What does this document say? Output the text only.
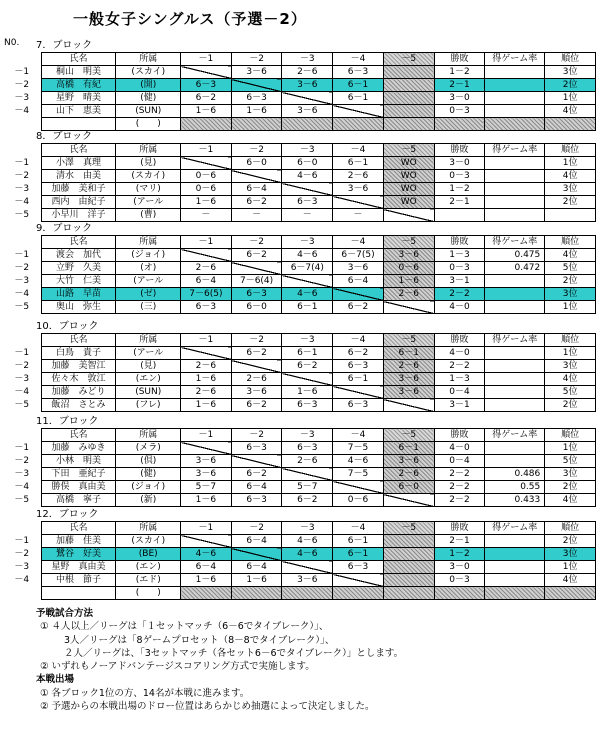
一般女子シングルス（予選－2）
N0.	7．ブロック
	氏名	所属	－1	－2	－3	－4	－5	勝敗	得ゲーム率	順位
－1	桐山　明美	(スカイ)		3－6	2－6	6－3		1－2		3位
－2	高橋　有紀	(開)	6－3		3－6	6－1		2－1		2位
－3	星野　晴美	(健)	6－2	6－3		6－1		3－0		1位
－4	山下　恵美	(SUN)	1－6	1－6	3－6			0－3		4位
		(　　)								
8．ブロック
	氏名	所属	－1	－2	－3	－4	－5	勝敗	得ゲーム率	順位
－1	小澤　真理	(見)		6－0	6－0	6－1	WO	3－0		1位
－2	清水　由美	(スカイ)	0－6		4－6	2－6	WO	0－3		4位
－3	加藤　美和子	(マリ)	0－6	6－4		3－6	WO	1－2		3位
－4	西内　由紀子	(アール	1－6	6－2	6－3		WO	2－1		2位
－5	小早川　洋子	(曹)	－	－	－	－				
9．ブロック
	氏名	所属	－1	－2	－3	－4	－5	勝敗	得ゲーム率	順位
－1	渡会　加代	(ジョイ)		6－2	4－6	6－7(5)	3－6	1－3	0.475	4位
－2	立野　久美	(オ)	2－6		6－7(4)	3－6	0－6	0－3	0.472	5位
－3	大竹　仁美	(アール	6－4	7－6(4)		6－4	1－6	3－1		2位
－4	山路　早苗	(ゼ)	7－6(5)	6－3	4－6		2－6	2－2		3位
－5	奥山　弥生	(三)	6－3	6－0	6－1	6－2		4－0		1位
10．ブロック
	氏名	所属	－1	－2	－3	－4	－5	勝敗	得ゲーム率	順位
－1	白鳥　貴子	(アール		6－2	6－1	6－2	6－1	4－0		1位
－2	加藤　美智江	(見)	2－6		6－2	6－3	2－6	2－2		3位
－3	佐々木　敦江	(エン)	1－6	2－6		6－1	3－6	1－3		4位
－4	加藤　みどり	(SUN)	2－6	3－6	1－6		3－6	0－4		5位
－5	飯沼　さとみ	(フレ)	1－6	6－2	6－3	6－3		3－1		2位
11．ブロック
	氏名	所属	－1	－2	－3	－4	－5	勝敗	得ゲーム率	順位
－1	加藤　みゆき	(メラ)		6－3	6－3	7－5	6－1	4－0		1位
－2	小林　明美	(倶)	3－6		2－6	4－6	3－6	0－4		5位
－3	下田　亜紀子	(健)	3－6	6－2		7－5	2－6	2－2	0.486	3位
－4	勝俣　真由美	(ジョイ)	5－7	6－4	5－7		6－0	2－2	0.55	2位
－5	高橋　寧子	(新)	1－6	6－3	6－2	0－6		2－2	0.433	4位
12．ブロック
	氏名	所属	－1	－2	－3	－4	－5	勝敗	得ゲーム率	順位
－1	加藤　佳美	(スカイ)		6－4	4－6	6－1		2－1		2位
－2	鷺谷　好美	(BE)	4－6		4－6	6－1		1－2		3位
－3	星野　真由美	(エン)	6－4	6－4		6－3		3－0		1位
－4	中根　節子	(エド)	1－6	1－6	3－6			0－3		4位
		(　　)								
予戦試合方法
① ４人以上／リーグは「１セットマッチ（6－6でタイブレーク）」、
3人／リーグは「8ゲームプロセット（8－8でタイブレーク）」、
２人／リーグは、「3セットマッチ（各セット6－6でタイブレーク）」とします。
② いずれもノーアドバンテージスコアリング方式で実施します。
本戦出場
① 各ブロック1位の方、14名が本戦に進みます。
② 予選からの本戦出場のドロー位置はあらかじめ抽選によって決定しました。
